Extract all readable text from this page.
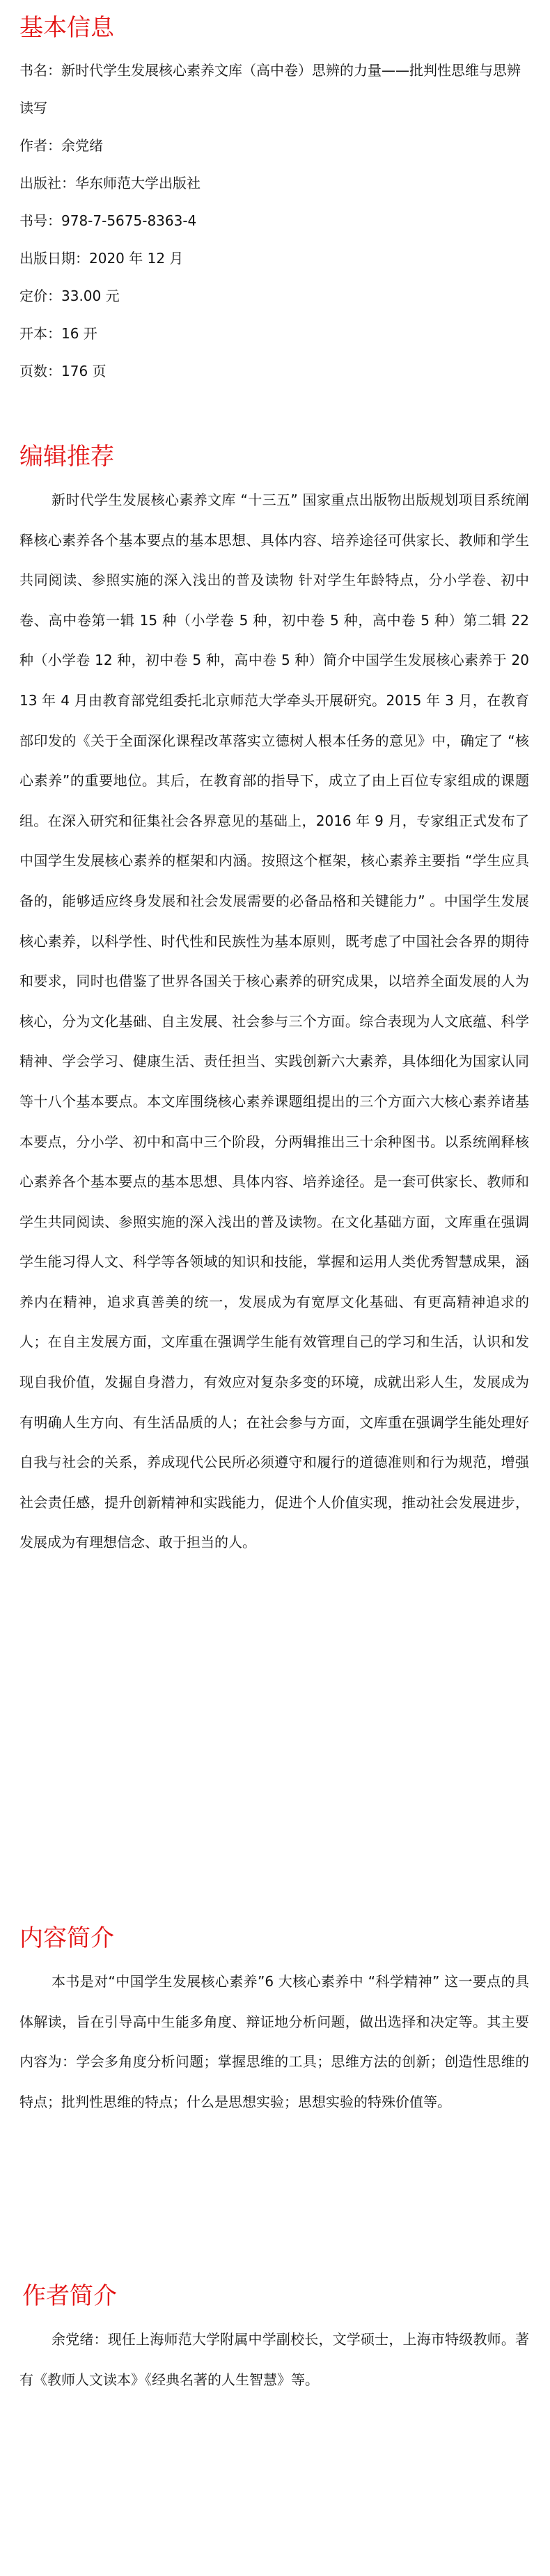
基本信息

书名：新时代学生发展核心素养文库（高中卷）思辨的力量——批判性思维与思辨读写

作者：余党绪

出版社：华东师范大学出版社

书号：978-7-5675-8363-4

出版日期：2020 年 12 月

定价：33.00 元

开本：16 开

页数：176 页

编辑推荐

新时代学生发展核心素养文库 “十三五” 国家重点出版物出版规划项目系统阐释核心素养各个基本要点的基本思想、具体内容、培养途径可供家长、教师和学生共同阅读、参照实施的深入浅出的普及读物 针对学生年龄特点，分小学卷、初中卷、高中卷第一辑 15 种（小学卷 5 种，初中卷 5 种，高中卷 5 种）第二辑 22 种（小学卷 12 种，初中卷 5 种，高中卷 5 种）简介中国学生发展核心素养于 2013 年 4 月由教育部党组委托北京师范大学牵头开展研究。2015 年 3 月，在教育部印发的《关于全面深化课程改革落实立德树人根本任务的意见》中，确定了 “核心素养”的重要地位。其后，在教育部的指导下，成立了由上百位专家组成的课题组。在深入研究和征集社会各界意见的基础上，2016 年 9 月，专家组正式发布了中国学生发展核心素养的框架和内涵。按照这个框架，核心素养主要指 “学生应具备的，能够适应终身发展和社会发展需要的必备品格和关键能力” 。中国学生发展核心素养，以科学性、时代性和民族性为基本原则，既考虑了中国社会各界的期待和要求，同时也借鉴了世界各国关于核心素养的研究成果，以培养全面发展的人为核心，分为文化基础、自主发展、社会参与三个方面。综合表现为人文底蕴、科学精神、学会学习、健康生活、责任担当、实践创新六大素养，具体细化为国家认同等十八个基本要点。本文库围绕核心素养课题组提出的三个方面六大核心素养诸基本要点，分小学、初中和高中三个阶段，分两辑推出三十余种图书。以系统阐释核心素养各个基本要点的基本思想、具体内容、培养途径。是一套可供家长、教师和学生共同阅读、参照实施的深入浅出的普及读物。在文化基础方面，文库重在强调学生能习得人文、科学等各领域的知识和技能，掌握和运用人类优秀智慧成果，涵养内在精神，追求真善美的统一，发展成为有宽厚文化基础、有更高精神追求的人；在自主发展方面，文库重在强调学生能有效管理自己的学习和生活，认识和发现自我价值，发掘自身潜力，有效应对复杂多变的环境，成就出彩人生，发展成为有明确人生方向、有生活品质的人；在社会参与方面，文库重在强调学生能处理好自我与社会的关系，养成现代公民所必须遵守和履行的道德准则和行为规范，增强社会责任感，提升创新精神和实践能力，促进个人价值实现，推动社会发展进步，发展成为有理想信念、敢于担当的人。

内容简介

本书是对“中国学生发展核心素养”6 大核心素养中 “科学精神” 这一要点的具体解读，旨在引导高中生能多角度、辩证地分析问题，做出选择和决定等。其主要内容为：学会多角度分析问题；掌握思维的工具；思维方法的创新；创造性思维的特点；批判性思维的特点；什么是思想实验；思想实验的特殊价值等。

作者简介

余党绪：现任上海师范大学附属中学副校长，文学硕士，上海市特级教师。著有《教师人文读本》《经典名著的人生智慧》等。
